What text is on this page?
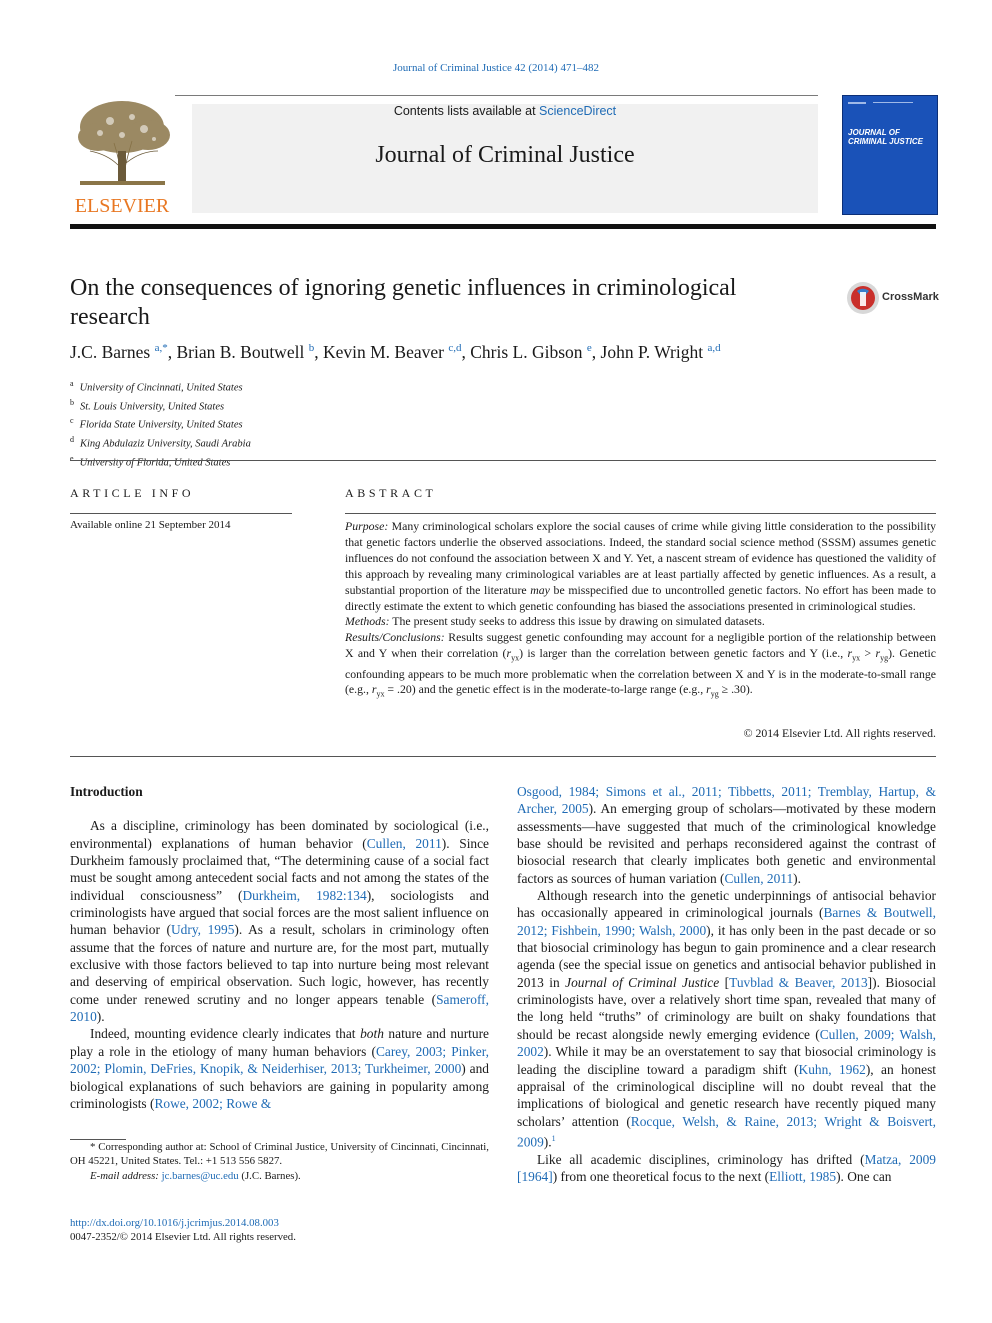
Journal of Criminal Justice 42 (2014) 471–482
ELSEVIER
Contents lists available at ScienceDirect
Journal of Criminal Justice
JOURNAL OF CRIMINAL JUSTICE
On the consequences of ignoring genetic influences in criminological research
CrossMark
J.C. Barnes $^{a,*}$, Brian B. Boutwell $^b$, Kevin M. Beaver $^{c,d}$, Chris L. Gibson $^e$, John P. Wright $^{a,d}$
$^a$ University of Cincinnati, United States
$^b$ St. Louis University, United States
$^c$ Florida State University, United States
$^d$ King Abdulaziz University, Saudi Arabia
$^e$ University of Florida, United States
ARTICLE INFO
Available online 21 September 2014
ABSTRACT
Purpose: Many criminological scholars explore the social causes of crime while giving little consideration to the possibility that genetic factors underlie the observed associations. Indeed, the standard social science method (SSSM) assumes genetic influences do not confound the association between X and Y. Yet, a nascent stream of evidence has questioned the validity of this approach by revealing many criminological variables are at least partially affected by genetic influences. As a result, a substantial proportion of the literature may be misspecified due to uncontrolled genetic factors. No effort has been made to directly estimate the extent to which genetic confounding has biased the associations presented in criminological studies.
Methods: The present study seeks to address this issue by drawing on simulated datasets.
Results/Conclusions: Results suggest genetic confounding may account for a negligible portion of the relationship between X and Y when their correlation $(r_{yx})$ is larger than the correlation between genetic factors and Y (i.e., $r_{yx} > r_{yg}$). Genetic confounding appears to be much more problematic when the correlation between X and Y is in the moderate-to-small range (e.g., $r_{yx} = .20$) and the genetic effect is in the moderate-to-large range (e.g., $r_{yg} \ge .30$).
© 2014 Elsevier Ltd. All rights reserved.
Introduction

As a discipline, criminology has been dominated by sociological (i.e., environmental) explanations of human behavior (Cullen, 2011). Since Durkheim famously proclaimed that, “The determining cause of a social fact must be sought among antecedent social facts and not among the states of the individual consciousness” (Durkheim, 1982:134), sociologists and criminologists have argued that social forces are the most salient influence on human behavior (Udry, 1995). As a result, scholars in criminology often assume that the forces of nature and nurture are, for the most part, mutually exclusive with those factors believed to tap into nurture being most relevant and deserving of empirical observation. Such logic, however, has recently come under renewed scrutiny and no longer appears tenable (Sameroff, 2010).

Indeed, mounting evidence clearly indicates that both nature and nurture play a role in the etiology of many human behaviors (Carey, 2003; Pinker, 2002; Plomin, DeFries, Knopik, & Neiderhiser, 2013; Turkheimer, 2000) and biological explanations of such behaviors are gaining in popularity among criminologists (Rowe, 2002; Rowe &

Osgood, 1984; Simons et al., 2011; Tibbetts, 2011; Tremblay, Hartup, & Archer, 2005). An emerging group of scholars—motivated by these modern assessments—have suggested that much of the criminological knowledge base should be revisited and perhaps reconsidered against the contrast of biosocial research that clearly implicates both genetic and environmental factors as sources of human variation (Cullen, 2011).

Although research into the genetic underpinnings of antisocial behavior has occasionally appeared in criminological journals (Barnes & Boutwell, 2012; Fishbein, 1990; Walsh, 2000), it has only been in the past decade or so that biosocial criminology has begun to gain prominence and a clear research agenda (see the special issue on genetics and antisocial behavior published in 2013 in Journal of Criminal Justice [Tuvblad & Beaver, 2013]). Biosocial criminologists have, over a relatively short time span, revealed that many of the long held “truths” of criminology are built on shaky foundations that should be recast alongside newly emerging evidence (Cullen, 2009; Walsh, 2002). While it may be an overstatement to say that biosocial criminology is leading the discipline toward a paradigm shift (Kuhn, 1962), an honest appraisal of the criminological discipline will no doubt reveal that the implications of biological and genetic research have recently piqued many scholars’ attention (Rocque, Welsh, & Raine, 2013; Wright & Boisvert, 2009).$^1$

Like all academic disciplines, criminology has drifted (Matza, 2009 [1964]) from one theoretical focus to the next (Elliott, 1985). One can

* Corresponding author at: School of Criminal Justice, University of Cincinnati, Cincinnati, OH 45221, United States. Tel.: +1 513 556 5827.
E-mail address: jc.barnes@uc.edu (J.C. Barnes).
http://dx.doi.org/10.1016/j.jcrimjus.2014.08.003
0047-2352/© 2014 Elsevier Ltd. All rights reserved.
